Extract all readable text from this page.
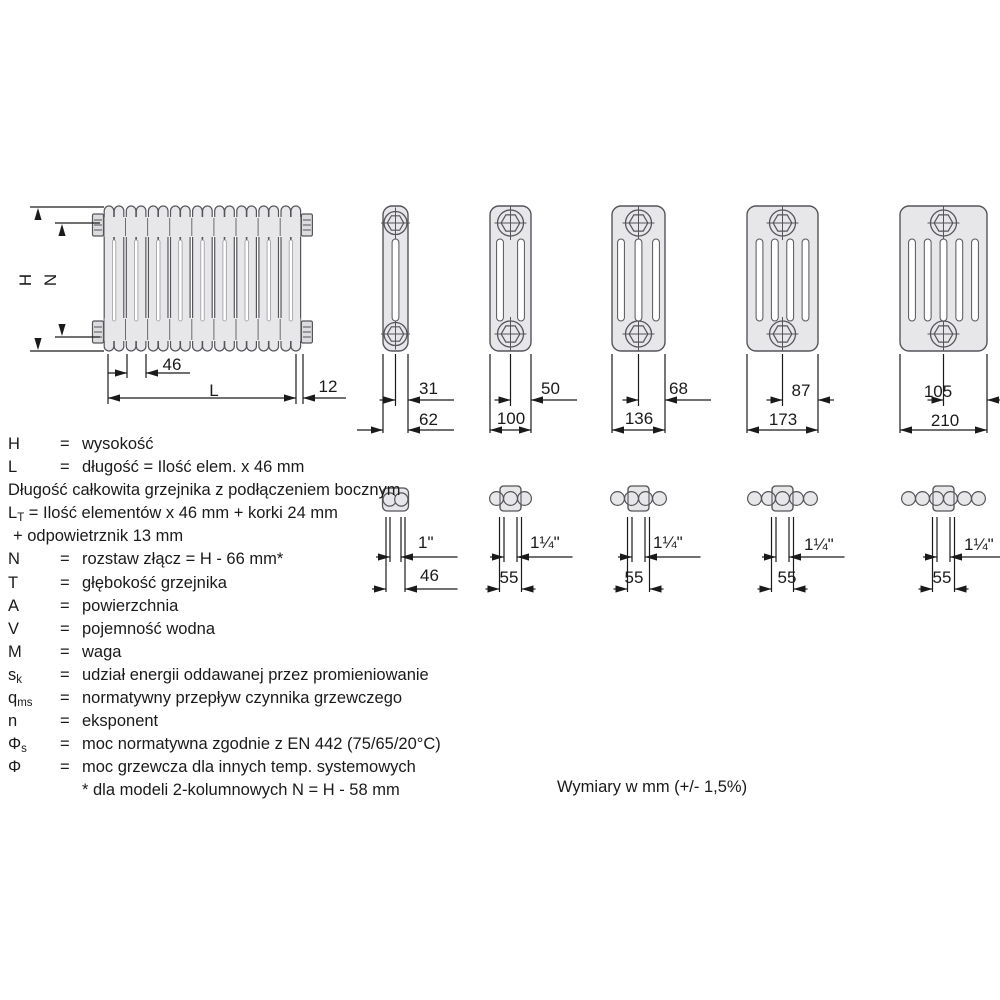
H N
46
L	12	31
62
50
100
68
136
87
173
105
210
1"
46
1¼"
55
1¼"
55
1¼"
55
1¼"
55
H	= wysokość
L	= długość = Ilość elem. x 46 mm
Długość całkowita grzejnika z podłączeniem bocznym
LT = Ilość elementów x 46 mm + korki 24 mm
+ odpowietrznik 13 mm
N	= rozstaw złącz = H - 66 mm*
T	= głębokość grzejnika
A	= powierzchnia
V	= pojemność wodna
M	= waga
sk	= udział energii oddawanej przez promieniowanie
qms	= normatywny przepływ czynnika grzewczego
n	= eksponent
Φs	= moc normatywna zgodnie z EN 442 (75/65/20°C)
Φ	= moc grzewcza dla innych temp. systemowych
* dla modeli 2-kolumnowych N = H - 58 mm	Wymiary w mm (+/- 1,5%)
